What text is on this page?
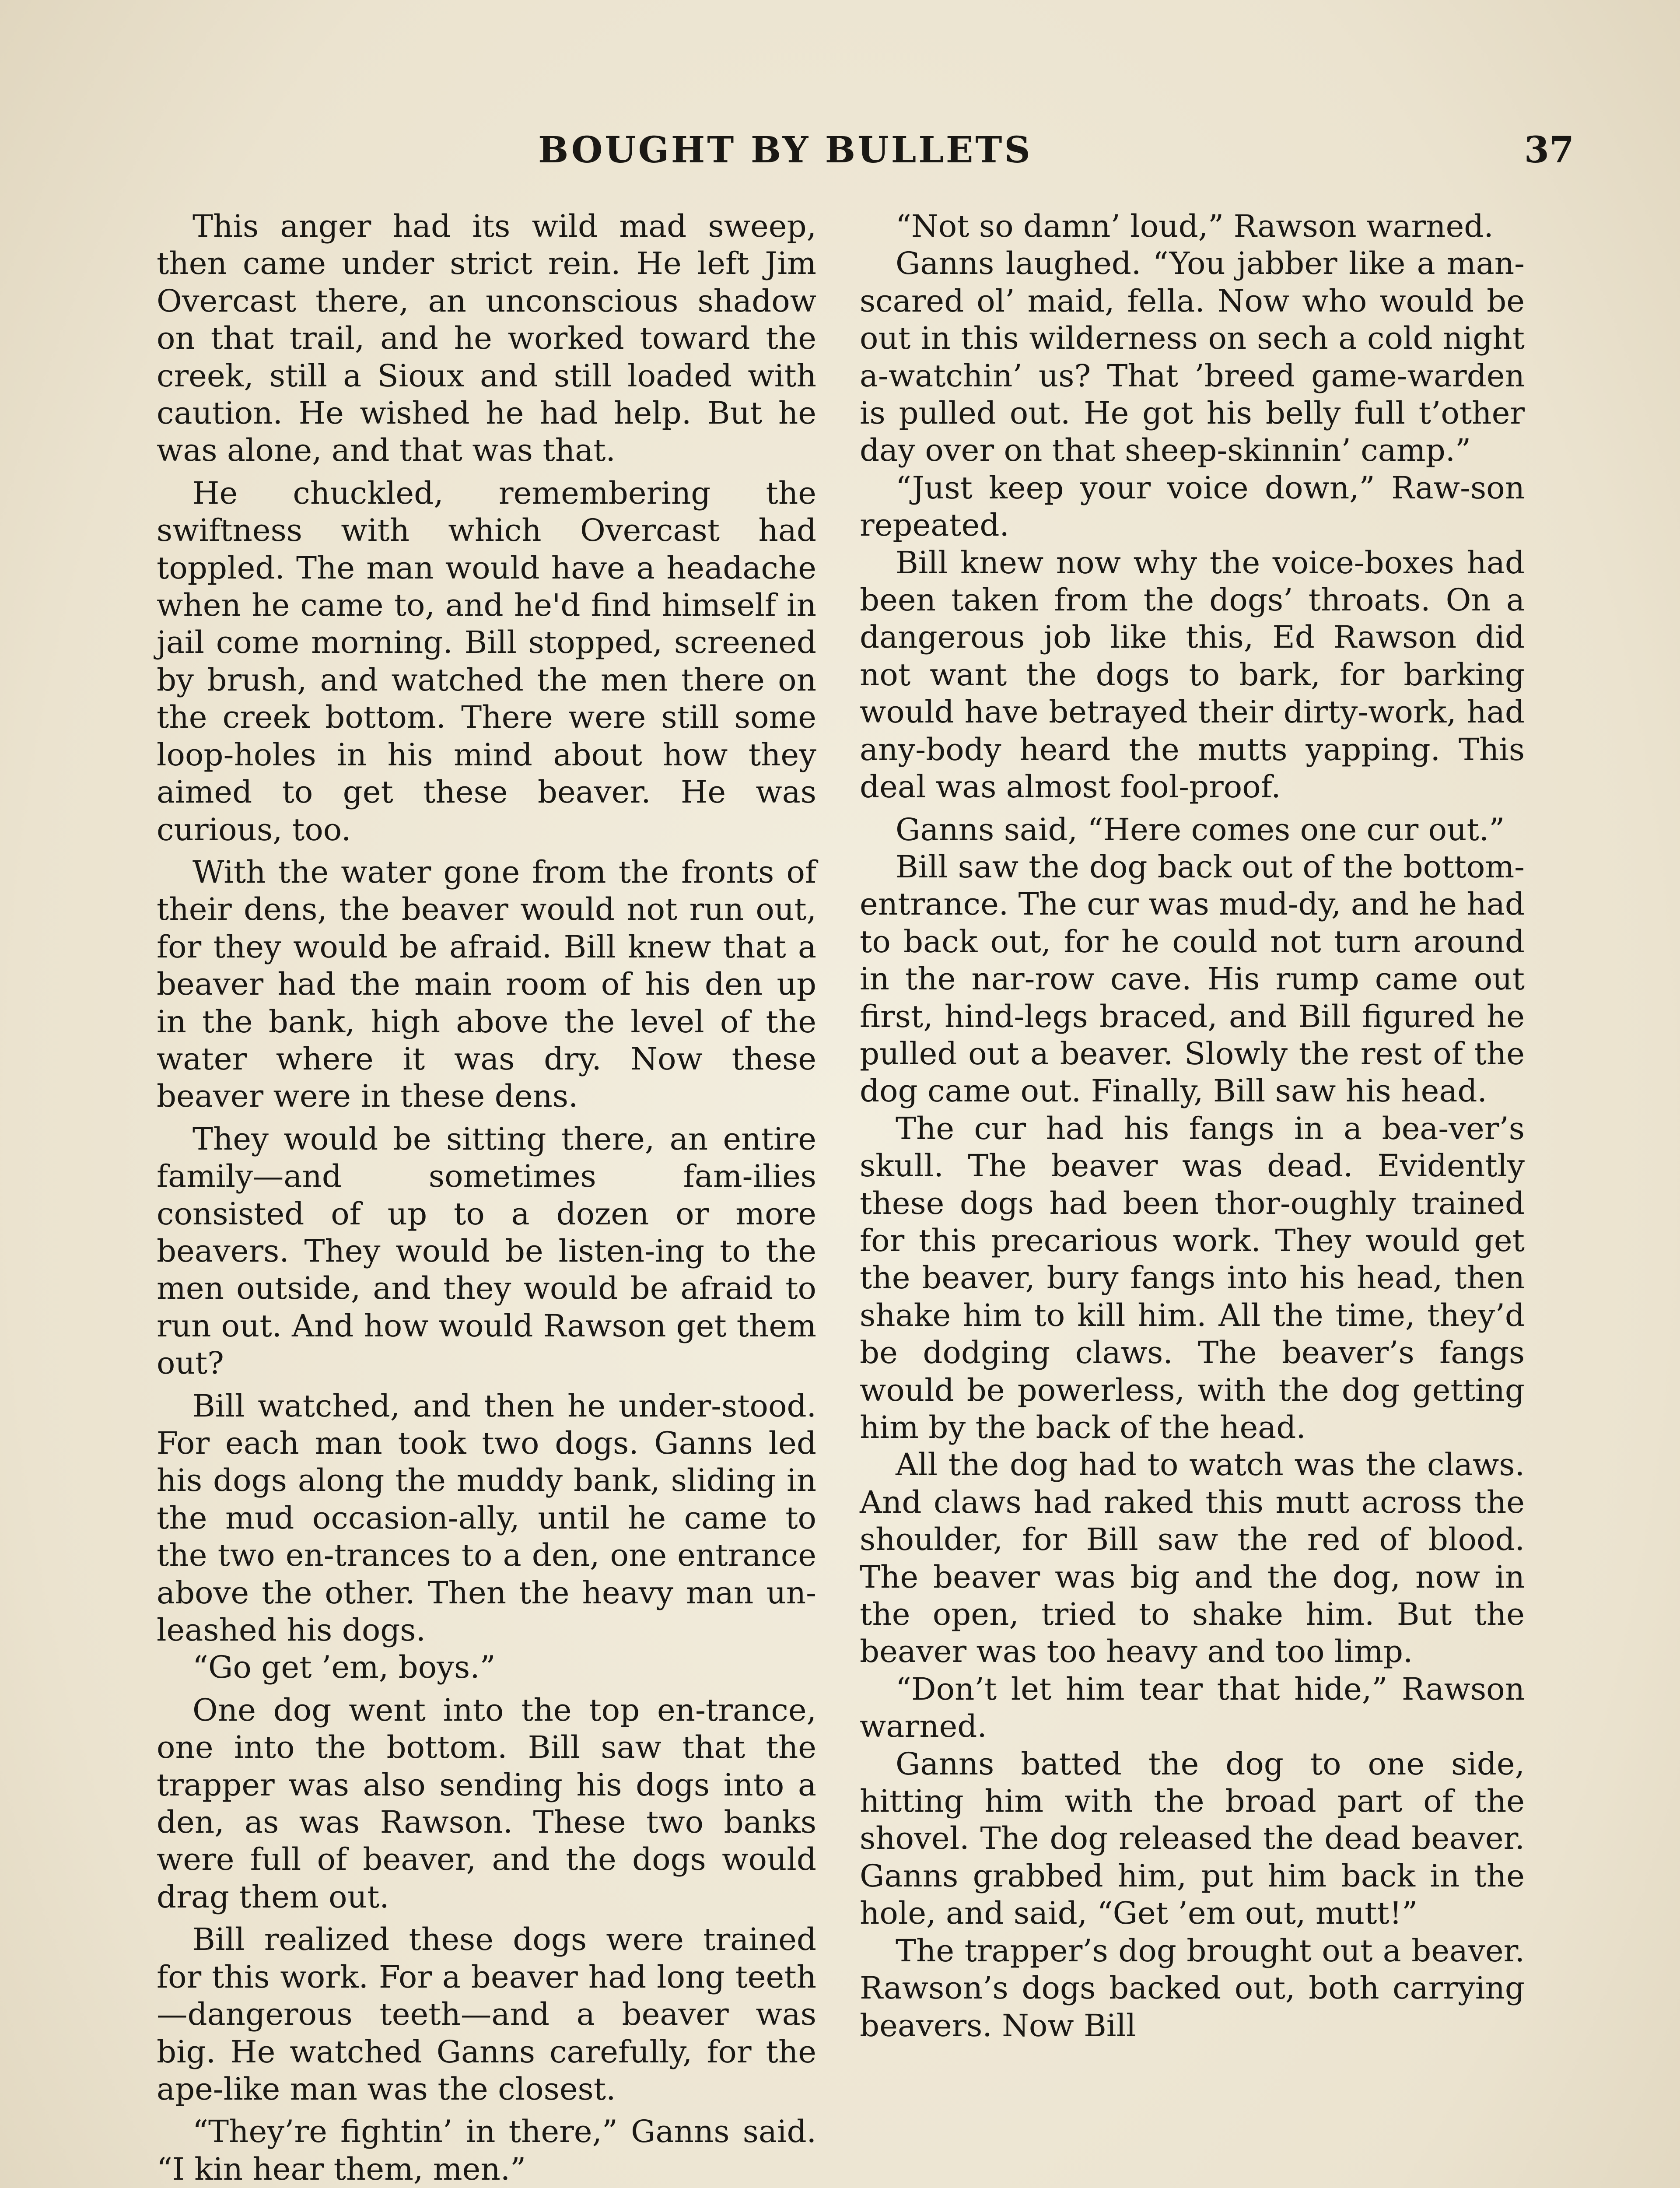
BOUGHT BY BULLETS	37

This anger had its wild mad sweep, then came under strict rein. He left Jim Overcast there, an unconscious shadow on that trail, and he worked toward the creek, still a Sioux and still loaded with caution. He wished he had help. But he was alone, and that was that.

He chuckled, remembering the swiftness with which Overcast had toppled. The man would have a headache when he came to, and he'd find himself in jail come morning. Bill stopped, screened by brush, and watched the men there on the creek bottom. There were still some loop-holes in his mind about how they aimed to get these beaver. He was curious, too.

With the water gone from the fronts of their dens, the beaver would not run out, for they would be afraid. Bill knew that a beaver had the main room of his den up in the bank, high above the level of the water where it was dry. Now these beaver were in these dens.

They would be sitting there, an entire family—and sometimes fam-ilies consisted of up to a dozen or more beavers. They would be listen-ing to the men outside, and they would be afraid to run out. And how would Rawson get them out?

Bill watched, and then he under-stood. For each man took two dogs. Ganns led his dogs along the muddy bank, sliding in the mud occasion-ally, until he came to the two en-trances to a den, one entrance above the other. Then the heavy man un-leashed his dogs.

“Go get ’em, boys.”

One dog went into the top en-trance, one into the bottom. Bill saw that the trapper was also sending his dogs into a den, as was Rawson. These two banks were full of beaver, and the dogs would drag them out.

Bill realized these dogs were trained for this work. For a beaver had long teeth—dangerous teeth—and a beaver was big. He watched Ganns carefully, for the ape-like man was the closest.

“They’re fightin’ in there,” Ganns said. “I kin hear them, men.”

“Not so damn’ loud,” Rawson warned.

Ganns laughed. “You jabber like a man-scared ol’ maid, fella. Now who would be out in this wilderness on sech a cold night a-watchin’ us? That ’breed game-warden is pulled out. He got his belly full t’other day over on that sheep-skinnin’ camp.”

“Just keep your voice down,” Raw-son repeated.

Bill knew now why the voice-boxes had been taken from the dogs’ throats. On a dangerous job like this, Ed Rawson did not want the dogs to bark, for barking would have betrayed their dirty-work, had any-body heard the mutts yapping. This deal was almost fool-proof.

Ganns said, “Here comes one cur out.”

Bill saw the dog back out of the bottom-entrance. The cur was mud-dy, and he had to back out, for he could not turn around in the nar-row cave. His rump came out first, hind-legs braced, and Bill figured he pulled out a beaver. Slowly the rest of the dog came out. Finally, Bill saw his head.

The cur had his fangs in a bea-ver’s skull. The beaver was dead. Evidently these dogs had been thor-oughly trained for this precarious work. They would get the beaver, bury fangs into his head, then shake him to kill him. All the time, they’d be dodging claws. The beaver’s fangs would be powerless, with the dog getting him by the back of the head.

All the dog had to watch was the claws. And claws had raked this mutt across the shoulder, for Bill saw the red of blood. The beaver was big and the dog, now in the open, tried to shake him. But the beaver was too heavy and too limp.

“Don’t let him tear that hide,” Rawson warned.

Ganns batted the dog to one side, hitting him with the broad part of the shovel. The dog released the dead beaver. Ganns grabbed him, put him back in the hole, and said, “Get ’em out, mutt!”

The trapper’s dog brought out a beaver. Rawson’s dogs backed out, both carrying beavers. Now Bill
